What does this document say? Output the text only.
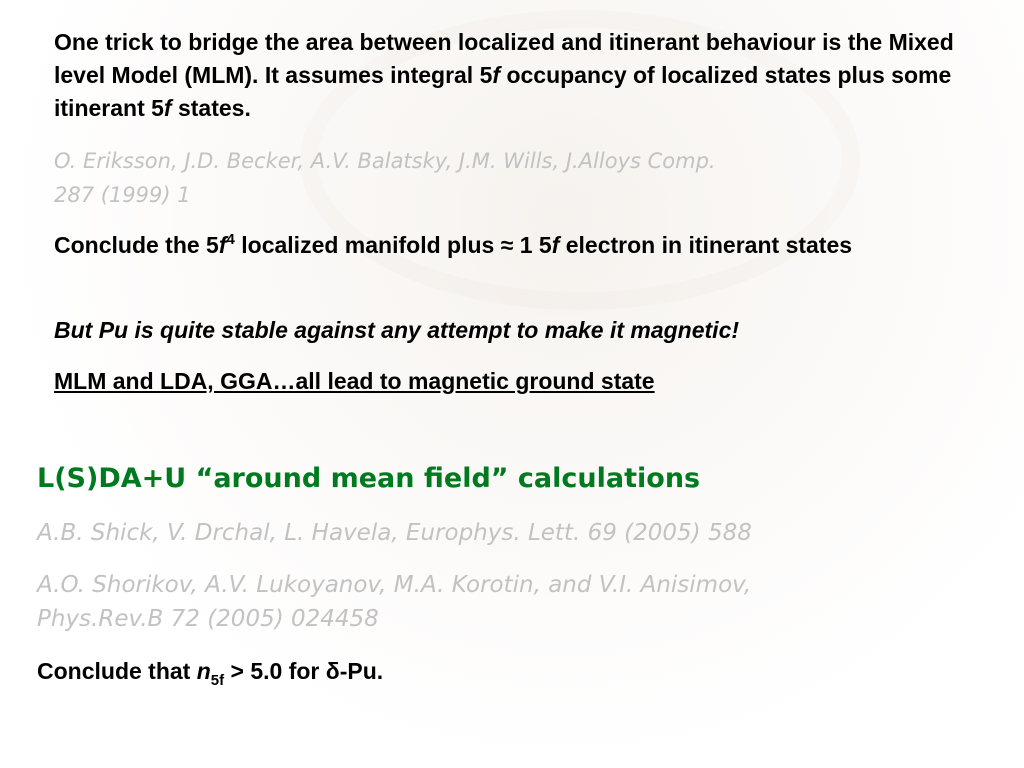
One trick to bridge the area between localized and itinerant behaviour is the Mixed level Model (MLM). It assumes integral 5f occupancy of localized states plus some itinerant 5f states.
O. Eriksson, J.D. Becker, A.V. Balatsky, J.M. Wills, J.Alloys Comp.
287 (1999) 1
Conclude the $5f^4$ localized manifold plus ≈ 1 5f electron in itinerant states
But Pu is quite stable against any attempt to make it magnetic!
MLM and LDA, GGA…all lead to magnetic ground state
L(S)DA+U “around mean field” calculations
A.B. Shick, V. Drchal, L. Havela, Europhys. Lett. 69 (2005) 588
A.O. Shorikov, A.V. Lukoyanov, M.A. Korotin, and V.I. Anisimov,
Phys.Rev.B 72 (2005) 024458
Conclude that $n_{5f} > 5.0$ for δ-Pu.
